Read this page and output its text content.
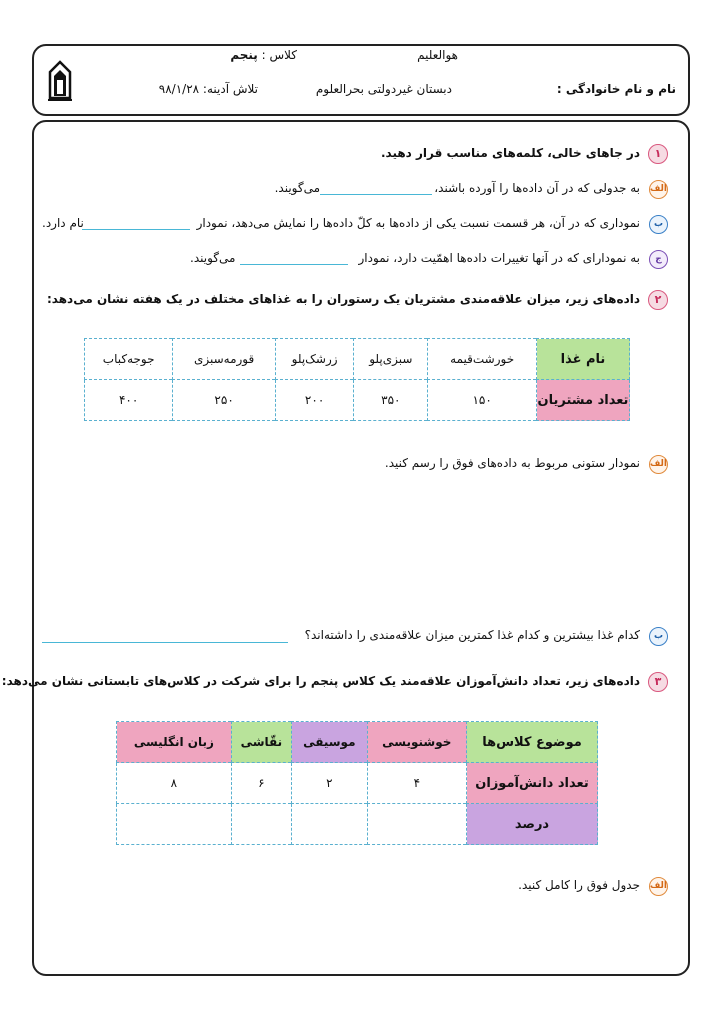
هوالعلیم
کلاس : پنجم
نام و نام خانوادگی :
دبستان غیردولتی بحرالعلوم
تلاش آدینه: ۹۸/۱/۲۸
۱
در جاهای خالی، کلمه‌های مناسب قرار دهید.
الف
به جدولی که در آن داده‌ها را آورده باشند،
می‌گویند.
ب
نموداری که در آن، هر قسمت نسبت یکی از داده‌ها به کلّ داده‌ها را نمایش می‌دهد، نمودار
نام دارد.
ج
به نمودارای که در آنها تغییرات داده‌ها اهمّیت دارد، نمودار
می‌گویند.
۲
داده‌های زیر، میزان علاقه‌مندی مشتریان یک رستوران را به غذاهای مختلف در یک هفته نشان می‌دهد:
نام غذا	خورشت‌قیمه	سبزی‌پلو	زرشک‌پلو	قورمه‌سبزی	جوجه‌کباب
تعداد مشتریان	۱۵۰	۳۵۰	۲۰۰	۲۵۰	۴۰۰
الف
نمودار ستونی مربوط به داده‌های فوق را رسم کنید.
ب
کدام غذا بیشترین و کدام غذا کمترین میزان علاقه‌مندی را داشته‌اند؟
۳
داده‌های زیر، تعداد دانش‌آموزان علاقه‌مند یک کلاس پنجم را برای شرکت در کلاس‌های تابستانی نشان می‌دهد:
موضوع کلاس‌ها	خوشنویسی	موسیقی	نقّاشی	زبان انگلیسی
تعداد دانش‌آموزان	۴	۲	۶	۸
درصد				
الف
جدول فوق را کامل کنید.
